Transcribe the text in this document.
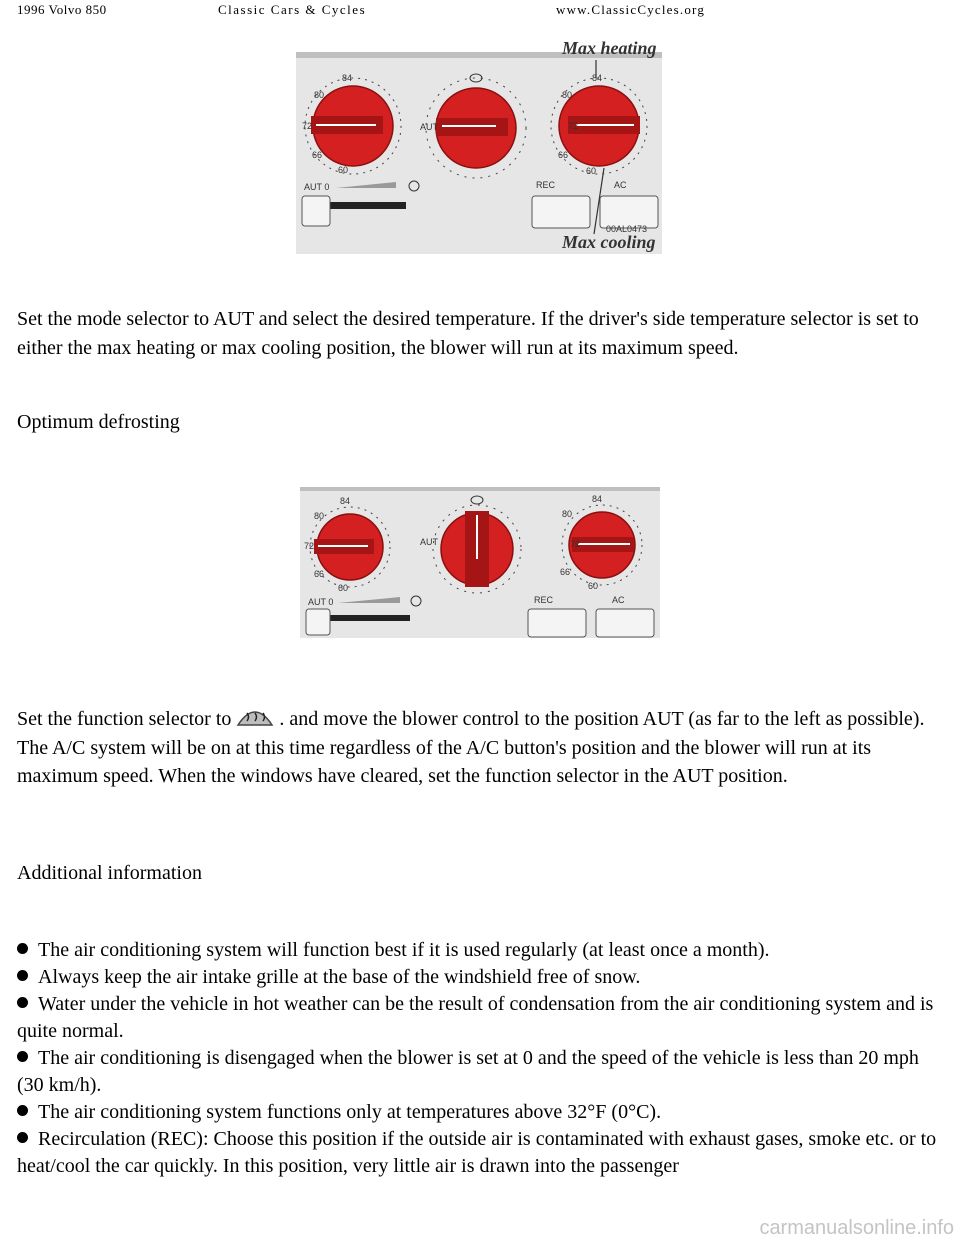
1996 Volvo 850	Classic Cars & Cycles	www.ClassicCycles.org
Max heating
84
80
72
66
60
AUT
84
80
72
66
60
AUT 0	REC	AC
00AL0473
Max cooling

Set the mode selector to AUT and select the desired temperature. If the driver's side temperature selector is set to either the max heating or max cooling position, the blower will run at its maximum speed.

Optimum defrosting
84
80
72
66
60
AUT
84
80
72
66
60
AUT 0	REC	AC

Set the function selector to . and move the blower control to the position AUT (as far to the left as possible). The A/C system will be on at this time regardless of the A/C button's position and the blower will run at its maximum speed. When the windows have cleared, set the function selector in the AUT position.

Additional information
The air conditioning system will function best if it is used regularly (at least once a month).
Always keep the air intake grille at the base of the windshield free of snow.
Water under the vehicle in hot weather can be the result of condensation from the air conditioning system and is quite normal.
The air conditioning is disengaged when the blower is set at 0 and the speed of the vehicle is less than 20 mph (30 km/h).
The air conditioning system functions only at temperatures above 32°F (0°C).
Recirculation (REC): Choose this position if the outside air is contaminated with exhaust gases, smoke etc. or to heat/cool the car quickly. In this position, very little air is drawn into the passenger
carmanualsonline.info
